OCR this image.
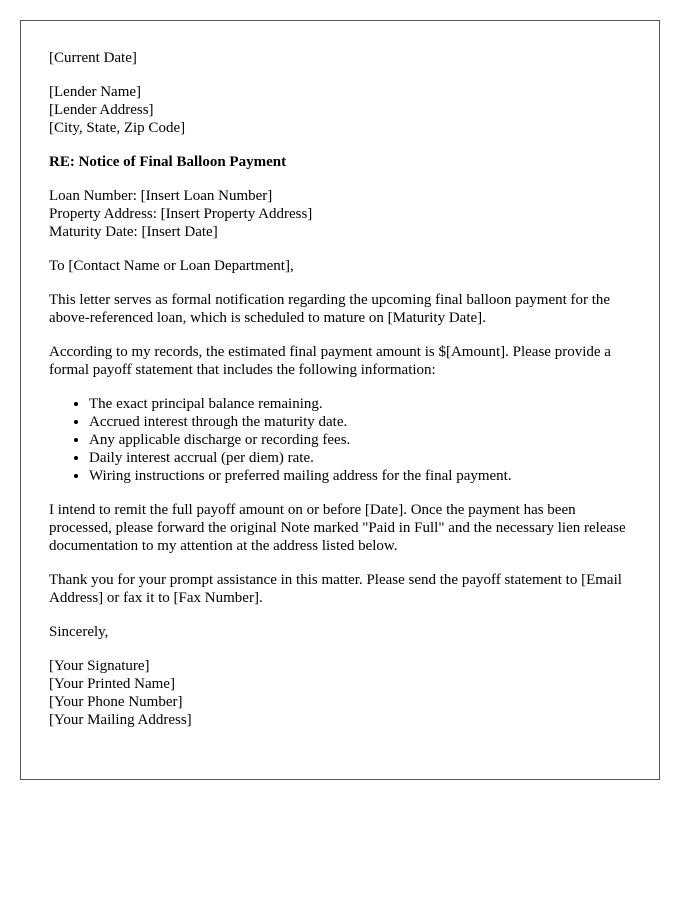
[Current Date]

[Lender Name]
[Lender Address]
[City, State, Zip Code]

RE: Notice of Final Balloon Payment

Loan Number: [Insert Loan Number]
Property Address: [Insert Property Address]
Maturity Date: [Insert Date]

To [Contact Name or Loan Department],

This letter serves as formal notification regarding the upcoming final balloon payment for the above-referenced loan, which is scheduled to mature on [Maturity Date].

According to my records, the estimated final payment amount is $[Amount]. Please provide a formal payoff statement that includes the following information:

• The exact principal balance remaining.
• Accrued interest through the maturity date.
• Any applicable discharge or recording fees.
• Daily interest accrual (per diem) rate.
• Wiring instructions or preferred mailing address for the final payment.

I intend to remit the full payoff amount on or before [Date]. Once the payment has been processed, please forward the original Note marked "Paid in Full" and the necessary lien release documentation to my attention at the address listed below.

Thank you for your prompt assistance in this matter. Please send the payoff statement to [Email Address] or fax it to [Fax Number].

Sincerely,

[Your Signature]
[Your Printed Name]
[Your Phone Number]
[Your Mailing Address]
